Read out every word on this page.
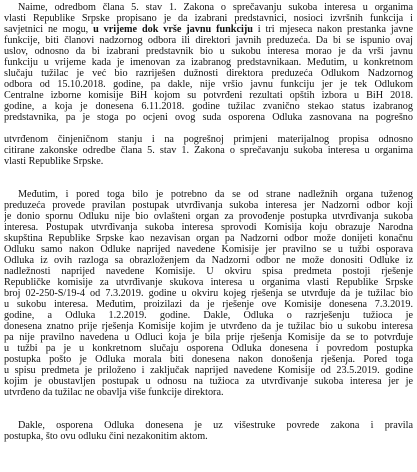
Naime, odredbom člana 5. stav 1. Zakona o sprečavanju sukoba interesa u organima
vlasti Republike Srpske propisano je da izabrani predstavnici, nosioci izvršnih funkcija i
savjetnici ne mogu, u vrijeme dok vrše javnu funkciju i tri mjeseca nakon prestanka javne
funkcije, biti članovi nadzornog odbora ili direktori javnih preduzeća. Da bi se ispunio ovaj
uslov, odnosno da bi izabrani predstavnik bio u sukobu interesa morao je da vrši javnu
funkciju u vrijeme kada je imenovan za izabranog predstavnikaan. Međutim, u konkretnom
slučaju tužilac je već bio razriješen dužnosti direktora preduzeća Odlukom Nadzornog
odbora od 15.10.2018. godine, pa dakle, nije vršio javnu funkciju jer je tek Odlukom
Centralne izborne komisije BiH kojom su potvrđeni rezultati opštih izbora u BiH 2018.
godine, a koja je donesena 6.11.2018. godine tužilac zvanično stekao status izabranog
predstavnika, pa je stoga po ocjeni ovog suda osporena Odluka zasnovana na pogrešno
utvrđenom činjeničnom stanju i na pogrešnoj primjeni materijalnog propisa odnosno
citirane zakonske odredbe člana 5. stav 1. Zakona o sprečavanju sukoba interesa u organima
vlasti Republike Srpske.
Međutim, i pored toga bilo je potrebno da se od strane nadležnih organa tuženog
preduzeća provede pravilan postupak utvrđivanja sukoba interesa jer Nadzorni odbor koji
je donio spornu Odluku nije bio ovlašteni organ za provođenje postupka utvrđivanja sukoba
interesa. Postupak utvrđivanja sukoba interesa sprovodi Komisija koju obrazuje Narodna
skupština Republike Srpske kao nezavisan organ pa Nadzorni odbor može donijeti konačnu
Odluku samo nakon Odluke naprijed navedene Komisije jer pravilno se u tužbi osporava
Odluka iz ovih razloga sa obrazloženjem da Nadzorni odbor ne može donositi Odluke iz
nadležnosti naprijed navedene Komisije. U okviru spisa predmeta postoji rješenje
Republičke komisije za utvrđivanje skukova interesa u organima vlasti Republike Srpske
broj 02-250-S/19-4 od 7.3.2019. godine u okviru kojeg rješenja se utvrđuje da je tužilac bio
u sukobu interesa. Međutim, proizilazi da je rješenje ove Komisije donesena 7.3.2019.
godine, a Odluka 1.2.2019. godine. Dakle, Odluka o razrješenju tužioca je
donesena znatno prije rješenja Komisije kojim je utvrđeno da je tužilac bio u sukobu interesa
pa nije pravilno navedena u Odluci koja je bila prije rješenja Komisije da se to potvrđuje
u tužbi pa je u konkretnom slučaju osporena Odluka donesena i povredom postupka
postupka pošto je Odluka morala biti donesena nakon donošenja rješenja. Pored toga
u spisu predmeta je priloženo i zaključak naprijed navedene Komisije od 23.5.2019. godine
kojim je obustavljen postupak u odnosu na tužioca za utvrđivanje sukoba interesa jer je
utvrđeno da tužilac ne obavlja više funkcije direktora.
Dakle, osporena Odluka donesena je uz višestruke povrede zakona i pravila
postupka, što ovu odluku čini nezakonitim aktom.
